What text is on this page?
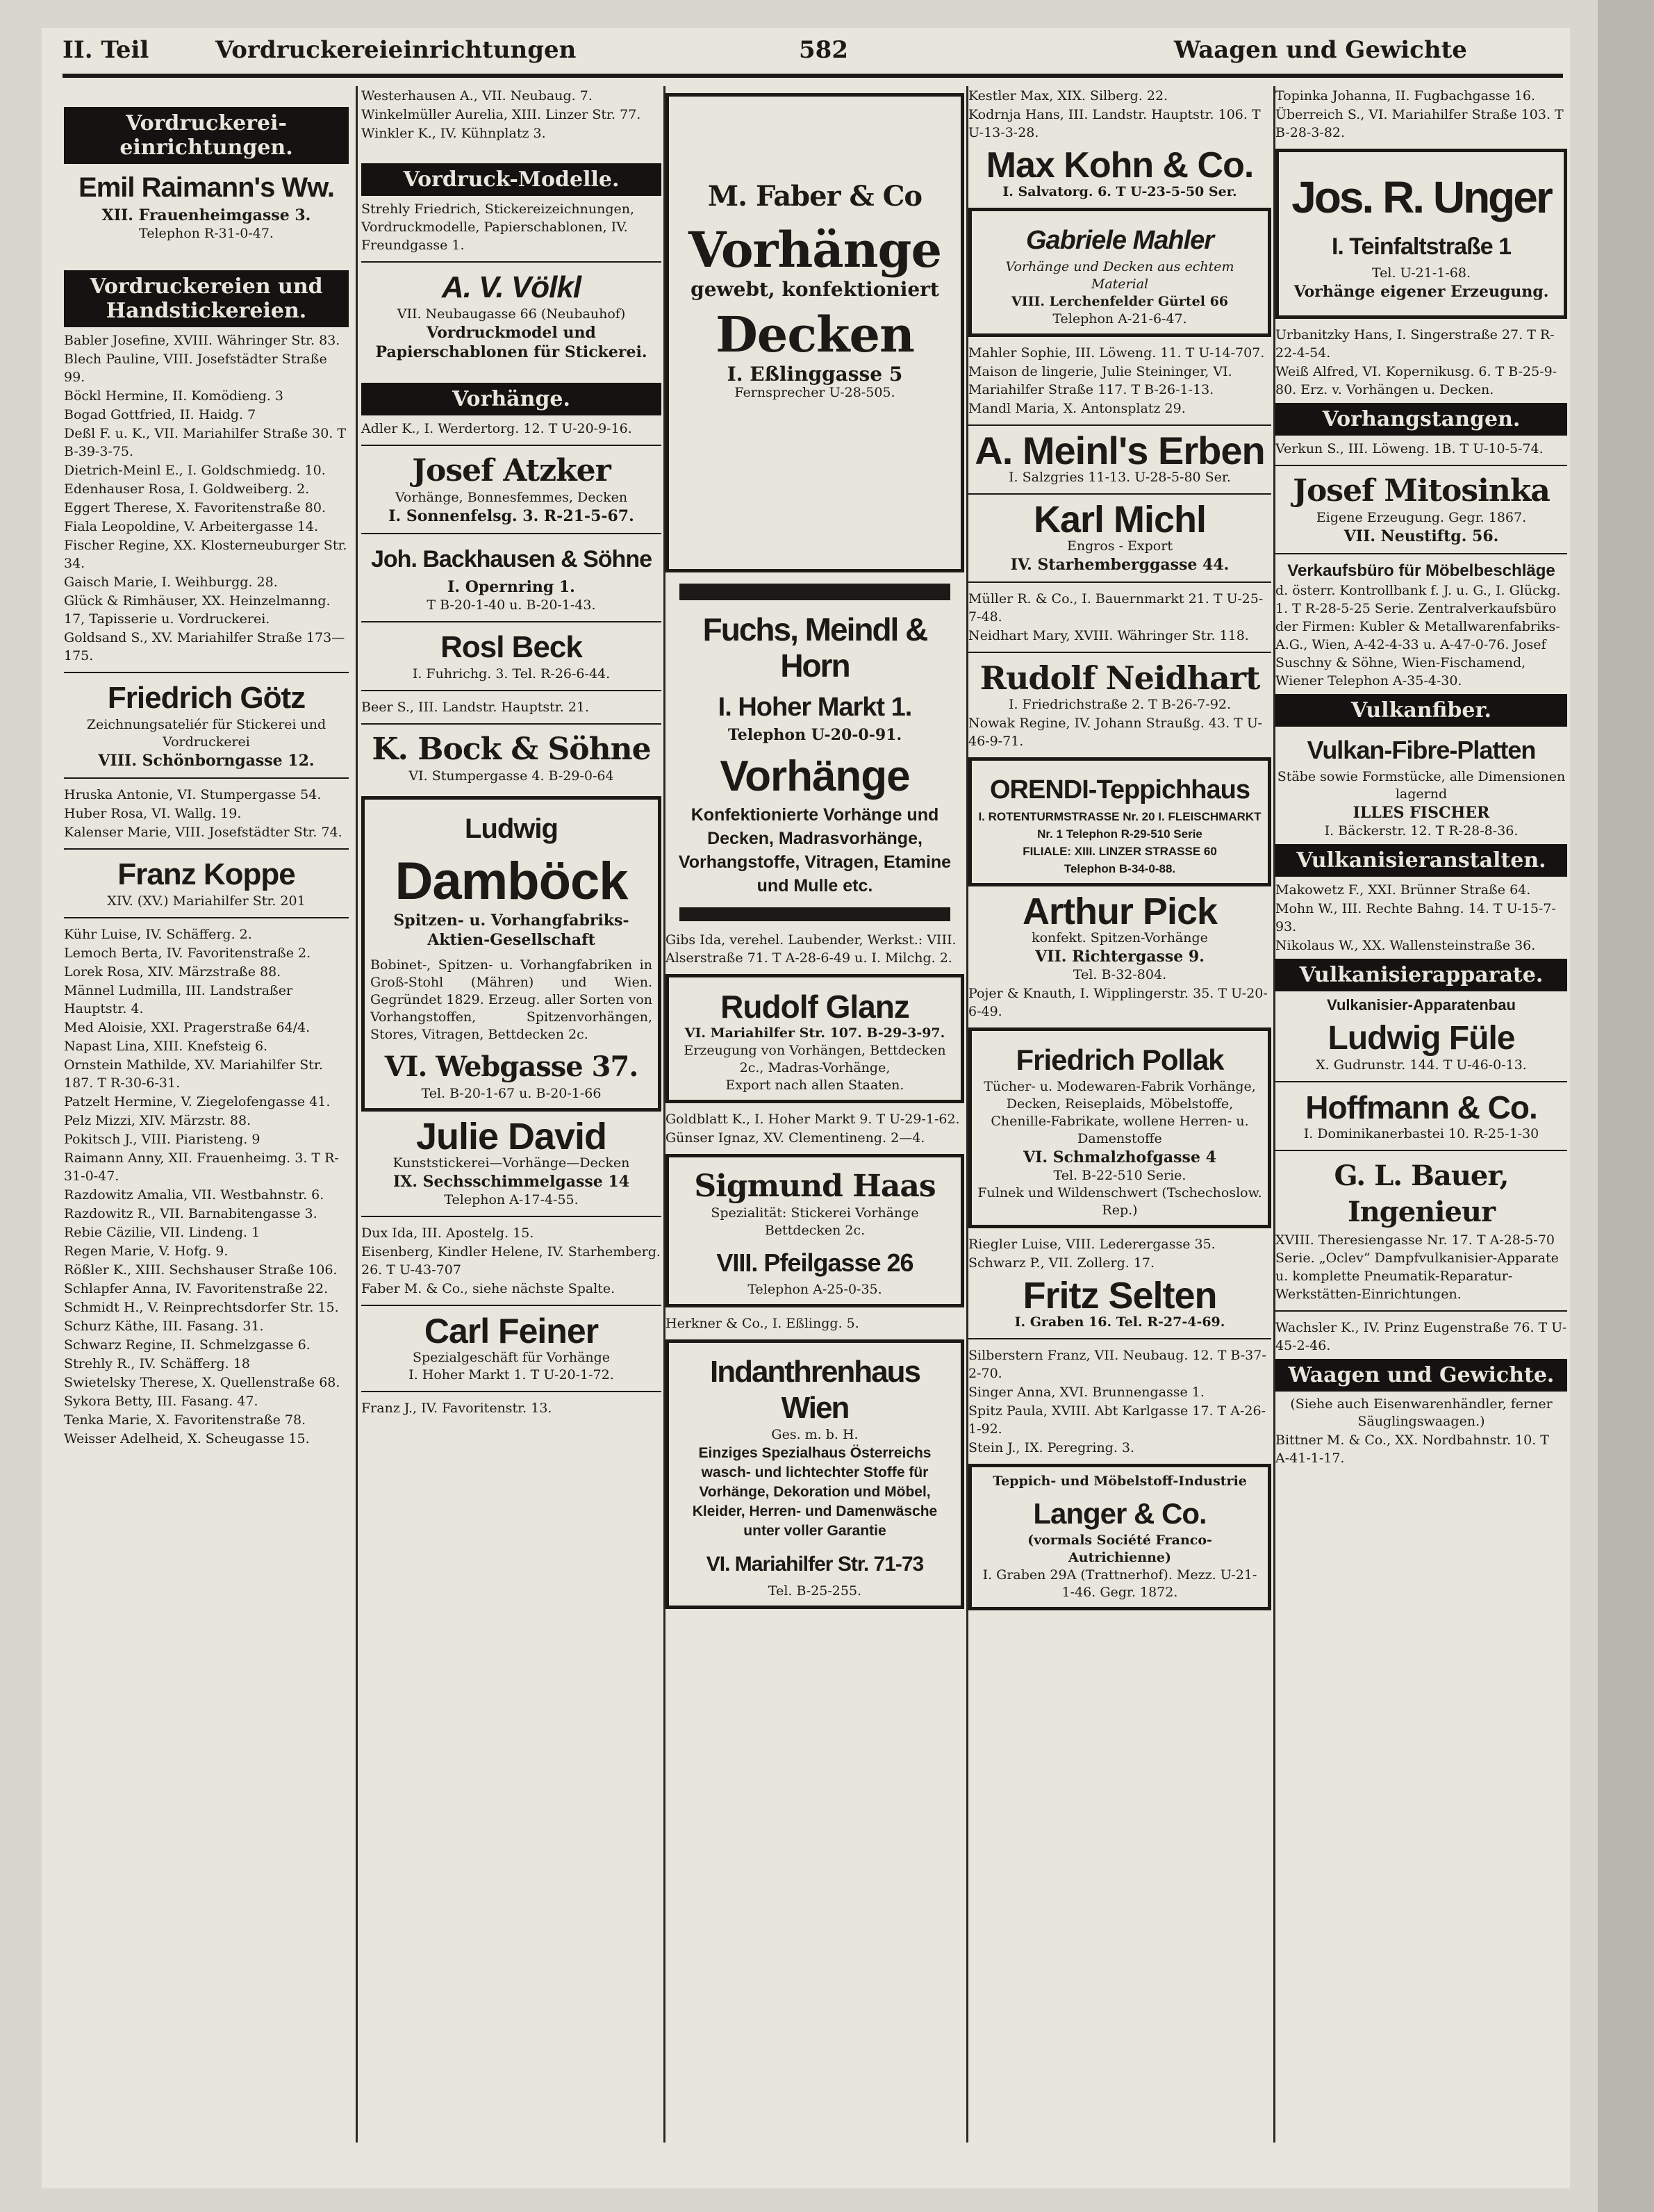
II. Teil	Vordruckereieinrichtungen	582	Waagen und Gewichte
Vordruckerei-einrichtungen.
Emil Raimann's Ww.
XII. Frauenheimgasse 3.
Telephon R-31-0-47.
Vordruckereien und Handstickereien.
Babler Josefine, XVIII. Währinger Str. 83.
Blech Pauline, VIII. Josefstädter Straße 99.
Böckl Hermine, II. Komödieng. 3
Bogad Gottfried, II. Haidg. 7
Deßl F. u. K., VII. Mariahilfer Straße 30. T B-39-3-75.
Dietrich-Meinl E., I. Goldschmiedg. 10.
Edenhauser Rosa, I. Goldweiberg. 2.
Eggert Therese, X. Favoritenstraße 80.
Fiala Leopoldine, V. Arbeitergasse 14.
Fischer Regine, XX. Klosterneuburger Str. 34.
Gaisch Marie, I. Weihburgg. 28.
Glück & Rimhäuser, XX. Heinzelmanng. 17, Tapisserie u. Vordruckerei.
Goldsand S., XV. Mariahilfer Straße 173—175.
Friedrich Götz
Zeichnungsateliér für Stickerei und Vordruckerei
VIII. Schönborngasse 12.
Hruska Antonie, VI. Stumpergasse 54.
Huber Rosa, VI. Wallg. 19.
Kalenser Marie, VIII. Josefstädter Str. 74.
Franz Koppe
XIV. (XV.) Mariahilfer Str. 201
Kühr Luise, IV. Schäfferg. 2.
Lemoch Berta, IV. Favoritenstraße 2.
Lorek Rosa, XIV. Märzstraße 88.
Männel Ludmilla, III. Landstraßer Hauptstr. 4.
Med Aloisie, XXI. Pragerstraße 64/4.
Napast Lina, XIII. Knefsteig 6.
Ornstein Mathilde, XV. Mariahilfer Str. 187. T R-30-6-31.
Patzelt Hermine, V. Ziegelofengasse 41.
Pelz Mizzi, XIV. Märzstr. 88.
Pokitsch J., VIII. Piaristeng. 9
Raimann Anny, XII. Frauenheimg. 3. T R-31-0-47.
Razdowitz Amalia, VII. Westbahnstr. 6.
Razdowitz R., VII. Barnabitengasse 3.
Rebie Cäzilie, VII. Lindeng. 1
Regen Marie, V. Hofg. 9.
Rößler K., XIII. Sechshauser Straße 106.
Schlapfer Anna, IV. Favoritenstraße 22.
Schmidt H., V. Reinprechtsdorfer Str. 15.
Schurz Käthe, III. Fasang. 31.
Schwarz Regine, II. Schmelzgasse 6.
Strehly R., IV. Schäfferg. 18
Swietelsky Therese, X. Quellenstraße 68.
Sykora Betty, III. Fasang. 47.
Tenka Marie, X. Favoritenstraße 78.
Weisser Adelheid, X. Scheugasse 15.
Westerhausen A., VII. Neubaug. 7.
Winkelmüller Aurelia, XIII. Linzer Str. 77.
Winkler K., IV. Kühnplatz 3.
Vordruck-Modelle.
Strehly Friedrich, Stickereizeichnungen, Vordruckmodelle, Papierschablonen, IV. Freundgasse 1.
A. V. Völkl
VII. Neubaugasse 66 (Neubauhof)
Vordruckmodel und Papierschablonen für Stickerei.
Vorhänge.
Adler K., I. Werdertorg. 12. T U-20-9-16.
Josef Atzker
Vorhänge, Bonnesfemmes, Decken
I. Sonnenfelsg. 3. R-21-5-67.
Joh. Backhausen & Söhne
I. Opernring 1.
T B-20-1-40 u. B-20-1-43.
Rosl Beck
I. Fuhrichg. 3. Tel. R-26-6-44.
Beer S., III. Landstr. Hauptstr. 21.
K. Bock & Söhne
VI. Stumpergasse 4. B-29-0-64
Ludwig
Damböck
Spitzen- u. Vorhangfabriks-Aktien-Gesellschaft
Bobinet-, Spitzen- u. Vorhangfabriken in Groß-Stohl (Mähren) und Wien. Gegründet 1829. Erzeug. aller Sorten von Vorhangstoffen, Spitzenvorhängen, Stores, Vitragen, Bettdecken 2c.
VI. Webgasse 37.
Tel. B-20-1-67 u. B-20-1-66
Julie David
Kunststickerei—Vorhänge—Decken
IX. Sechsschimmelgasse 14
Telephon A-17-4-55.
Dux Ida, III. Apostelg. 15.
Eisenberg, Kindler Helene, IV. Starhemberg. 26. T U-43-707
Faber M. & Co., siehe nächste Spalte.
Carl Feiner
Spezialgeschäft für Vorhänge
I. Hoher Markt 1. T U-20-1-72.
Franz J., IV. Favoritenstr. 13.
M. Faber & Co
Vorhänge
gewebt, konfektioniert
Decken
I. Eßlinggasse 5
Fernsprecher U-28-505.
Fuchs, Meindl & Horn
I. Hoher Markt 1.
Telephon U-20-0-91.
Vorhänge
Konfektionierte Vorhänge und Decken, Madrasvorhänge, Vorhangstoffe, Vitragen, Etamine und Mulle etc.
Gibs Ida, verehel. Laubender, Werkst.: VIII. Alserstraße 71. T A-28-6-49 u. I. Milchg. 2.
Rudolf Glanz
VI. Mariahilfer Str. 107. B-29-3-97.
Erzeugung von Vorhängen, Bettdecken 2c., Madras-Vorhänge,
Export nach allen Staaten.
Goldblatt K., I. Hoher Markt 9. T U-29-1-62.
Günser Ignaz, XV. Clementineng. 2—4.
Sigmund Haas
Spezialität: Stickerei Vorhänge Bettdecken 2c.
VIII. Pfeilgasse 26
Telephon A-25-0-35.
Herkner & Co., I. Eßlingg. 5.
Indanthrenhaus Wien
Ges. m. b. H.
Einziges Spezialhaus Österreichs wasch- und lichtechter Stoffe für Vorhänge, Dekoration und Möbel, Kleider, Herren- und Damenwäsche unter voller Garantie
VI. Mariahilfer Str. 71-73
Tel. B-25-255.
Kestler Max, XIX. Silberg. 22.
Kodrnja Hans, III. Landstr. Hauptstr. 106. T U-13-3-28.
Max Kohn & Co.
I. Salvatorg. 6. T U-23-5-50 Ser.
Gabriele Mahler
Vorhänge und Decken aus echtem Material
VIII. Lerchenfelder Gürtel 66
Telephon A-21-6-47.
Mahler Sophie, III. Löweng. 11. T U-14-707.
Maison de lingerie, Julie Steininger, VI. Mariahilfer Straße 117. T B-26-1-13.
Mandl Maria, X. Antonsplatz 29.
A. Meinl's Erben
I. Salzgries 11-13. U-28-5-80 Ser.
Karl Michl
Engros - Export
IV. Starhemberggasse 44.
Müller R. & Co., I. Bauernmarkt 21. T U-25-7-48.
Neidhart Mary, XVIII. Währinger Str. 118.
Rudolf Neidhart
I. Friedrichstraße 2. T B-26-7-92.
Nowak Regine, IV. Johann Straußg. 43. T U-46-9-71.
ORENDI-Teppichhaus
I. ROTENTURMSTRASSE Nr. 20 I. FLEISCHMARKT Nr. 1 Telephon R-29-510 Serie
FILIALE: XIII. LINZER STRASSE 60
Telephon B-34-0-88.
Arthur Pick
konfekt. Spitzen-Vorhänge
VII. Richtergasse 9.
Tel. B-32-804.
Pojer & Knauth, I. Wipplingerstr. 35. T U-20-6-49.
Friedrich Pollak
Tücher- u. Modewaren-Fabrik Vorhänge, Decken, Reiseplaids, Möbelstoffe, Chenille-Fabrikate, wollene Herren- u. Damenstoffe
VI. Schmalzhofgasse 4
Tel. B-22-510 Serie.
Fulnek und Wildenschwert (Tschechoslow. Rep.)
Riegler Luise, VIII. Lederergasse 35.
Schwarz P., VII. Zollerg. 17.
Fritz Selten
I. Graben 16. Tel. R-27-4-69.
Silberstern Franz, VII. Neubaug. 12. T B-37-2-70.
Singer Anna, XVI. Brunnengasse 1.
Spitz Paula, XVIII. Abt Karlgasse 17. T A-26-1-92.
Stein J., IX. Peregring. 3.
Teppich- und Möbelstoff-Industrie
Langer & Co.
(vormals Société Franco-Autrichienne)
I. Graben 29A (Trattnerhof). Mezz. U-21-1-46. Gegr. 1872.
Topinka Johanna, II. Fugbachgasse 16.
Überreich S., VI. Mariahilfer Straße 103. T B-28-3-82.
Jos. R. Unger
I. Teinfaltstraße 1
Tel. U-21-1-68.
Vorhänge eigener Erzeugung.
Urbanitzky Hans, I. Singerstraße 27. T R-22-4-54.
Weiß Alfred, VI. Kopernikusg. 6. T B-25-9-80. Erz. v. Vorhängen u. Decken.
Vorhangstangen.
Verkun S., III. Löweng. 1B. T U-10-5-74.
Josef Mitosinka
Eigene Erzeugung. Gegr. 1867.
VII. Neustiftg. 56.
Verkaufsbüro für Möbelbeschläge
d. österr. Kontrollbank f. J. u. G., I. Glückg. 1. T R-28-5-25 Serie. Zentralverkaufsbüro der Firmen: Kubler & Metallwarenfabriks-A.G., Wien, A-42-4-33 u. A-47-0-76. Josef Suschny & Söhne, Wien-Fischamend, Wiener Telephon A-35-4-30.
Vulkanfiber.
Vulkan-Fibre-Platten
Stäbe sowie Formstücke, alle Dimensionen lagernd
ILLES FISCHER
I. Bäckerstr. 12. T R-28-8-36.
Vulkanisieranstalten.
Makowetz F., XXI. Brünner Straße 64.
Mohn W., III. Rechte Bahng. 14. T U-15-7-93.
Nikolaus W., XX. Wallensteinstraße 36.
Vulkanisierapparate.
Vulkanisier-Apparatenbau
Ludwig Füle
X. Gudrunstr. 144. T U-46-0-13.
Hoffmann & Co.
I. Dominikanerbastei 10. R-25-1-30
G. L. Bauer, Ingenieur
XVIII. Theresiengasse Nr. 17. T A-28-5-70 Serie. „Oclev“ Dampfvulkanisier-Apparate u. komplette Pneumatik-Reparatur-Werkstätten-Einrichtungen.
Wachsler K., IV. Prinz Eugenstraße 76. T U-45-2-46.
Waagen und Gewichte.
(Siehe auch Eisenwarenhändler, ferner Säuglingswaagen.)
Bittner M. & Co., XX. Nordbahnstr. 10. T A-41-1-17.
